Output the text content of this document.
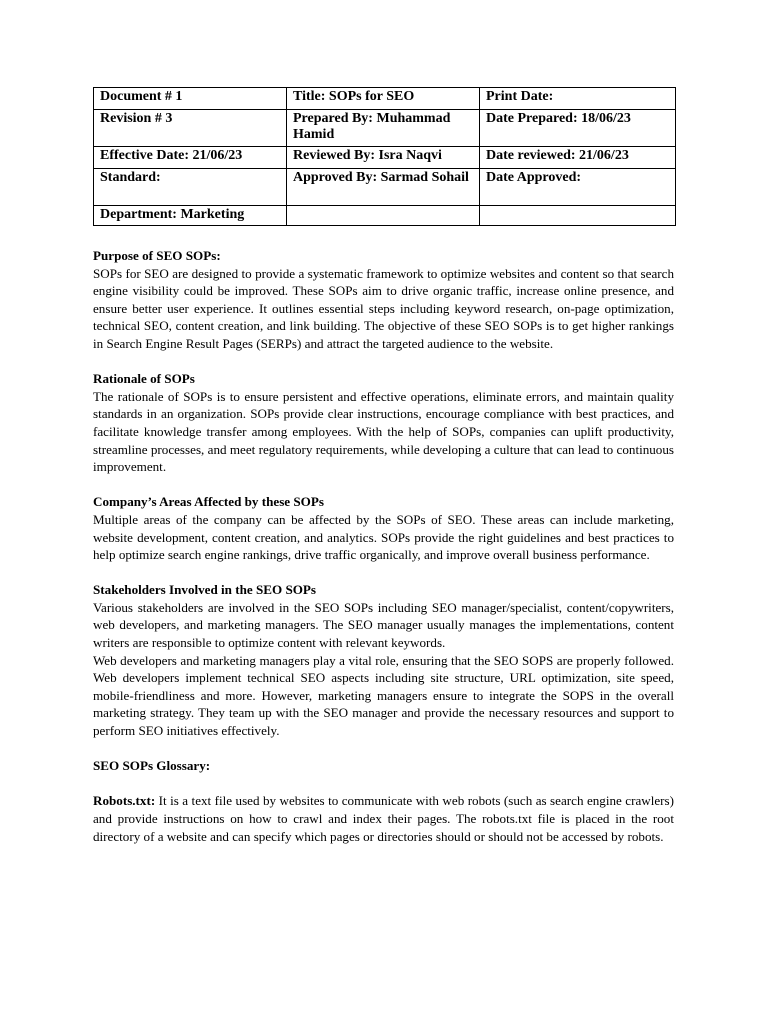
Document # 1	Title: SOPs for SEO	Print Date:
Revision # 3	Prepared By: Muhammad Hamid	Date Prepared: 18/06/23
Effective Date: 21/06/23	Reviewed By: Isra Naqvi	Date reviewed: 21/06/23
Standard:	Approved By: Sarmad Sohail	Date Approved:
Department: Marketing		
Purpose of SEO SOPs:

SOPs for SEO are designed to provide a systematic framework to optimize websites and content so that search engine visibility could be improved. These SOPs aim to drive organic traffic, increase online presence, and ensure better user experience. It outlines essential steps including keyword research, on-page optimization, technical SEO, content creation, and link building. The objective of these SEO SOPs is to get higher rankings in Search Engine Result Pages (SERPs) and attract the targeted audience to the website.

Rationale of SOPs

The rationale of SOPs is to ensure persistent and effective operations, eliminate errors, and maintain quality standards in an organization. SOPs provide clear instructions, encourage compliance with best practices, and facilitate knowledge transfer among employees. With the help of SOPs, companies can uplift productivity, streamline processes, and meet regulatory requirements, while developing a culture that can lead to continuous improvement.

Company’s Areas Affected by these SOPs

Multiple areas of the company can be affected by the SOPs of SEO. These areas can include marketing, website development, content creation, and analytics. SOPs provide the right guidelines and best practices to help optimize search engine rankings, drive traffic organically, and improve overall business performance.

Stakeholders Involved in the SEO SOPs

Various stakeholders are involved in the SEO SOPs including SEO manager/specialist, content/copywriters, web developers, and marketing managers. The SEO manager usually manages the implementations, content writers are responsible to optimize content with relevant keywords.

Web developers and marketing managers play a vital role, ensuring that the SEO SOPS are properly followed. Web developers implement technical SEO aspects including site structure, URL optimization, site speed, mobile-friendliness and more. However, marketing managers ensure to integrate the SOPS in the overall marketing strategy. They team up with the SEO manager and provide the necessary resources and support to perform SEO initiatives effectively.

SEO SOPs Glossary:

Robots.txt: It is a text file used by websites to communicate with web robots (such as search engine crawlers) and provide instructions on how to crawl and index their pages. The robots.txt file is placed in the root directory of a website and can specify which pages or directories should or should not be accessed by robots.
